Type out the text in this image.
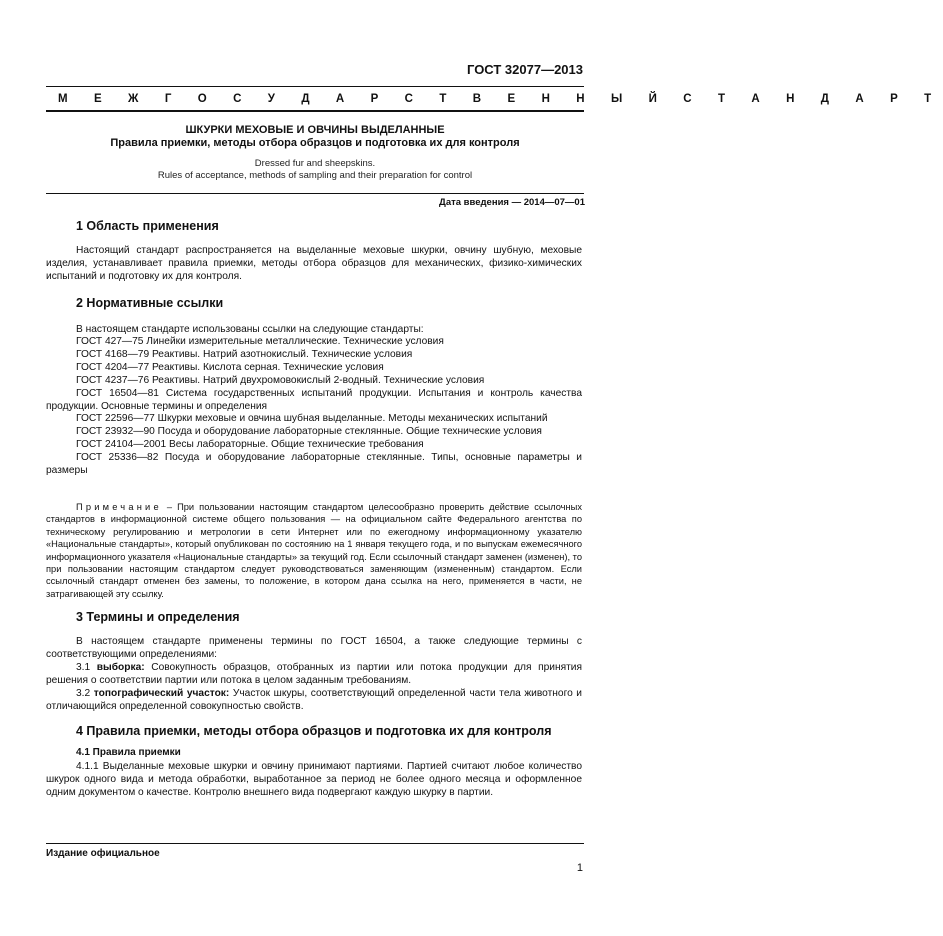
ГОСТ 32077—2013
М Е Ж Г О С У Д А Р С Т В Е Н Н Ы Й С Т А Н Д А Р Т
ШКУРКИ МЕХОВЫЕ И ОВЧИНЫ ВЫДЕЛАННЫЕ
Правила приемки, методы отбора образцов и подготовка их для контроля
Dressed fur and sheepskins.
Rules of acceptance, methods of sampling and their preparation for control
Дата введения — 2014—07—01
1 Область применения
Настоящий стандарт распространяется на выделанные меховые шкурки, овчину шубную, меховые изделия, устанавливает правила приемки, методы отбора образцов для механических, физико-химических испытаний и подготовку их для контроля.
2 Нормативные ссылки
В настоящем стандарте использованы ссылки на следующие стандарты:
ГОСТ 427—75 Линейки измерительные металлические. Технические условия
ГОСТ 4168—79 Реактивы. Натрий азотнокислый. Технические условия
ГОСТ 4204—77 Реактивы. Кислота серная. Технические условия
ГОСТ 4237—76 Реактивы. Натрий двухромовокислый 2-водный. Технические условия
ГОСТ 16504—81 Система государственных испытаний продукции. Испытания и контроль качества продукции. Основные термины и определения
ГОСТ 22596—77 Шкурки меховые и овчина шубная выделанные. Методы механических испытаний
ГОСТ 23932—90 Посуда и оборудование лабораторные стеклянные. Общие технические условия
ГОСТ 24104—2001 Весы лабораторные. Общие технические требования
ГОСТ 25336—82 Посуда и оборудование лабораторные стеклянные. Типы, основные параметры и размеры
Примечание – При пользовании настоящим стандартом целесообразно проверить действие ссылочных стандартов в информационной системе общего пользования — на официальном сайте Федерального агентства по техническому регулированию и метрологии в сети Интернет или по ежегодному информационному указателю «Национальные стандарты», который опубликован по состоянию на 1 января текущего года, и по выпускам ежемесячного информационного указателя «Национальные стандарты» за текущий год. Если ссылочный стандарт заменен (изменен), то при пользовании настоящим стандартом следует руководствоваться заменяющим (измененным) стандартом. Если ссылочный стандарт отменен без замены, то положение, в котором дана ссылка на него, применяется в части, не затрагивающей эту ссылку.
3 Термины и определения
В настоящем стандарте применены термины по ГОСТ 16504, а также следующие термины с соответствующими определениями:
3.1 выборка: Совокупность образцов, отобранных из партии или потока продукции для принятия решения о соответствии партии или потока в целом заданным требованиям.
3.2 топографический участок: Участок шкуры, соответствующий определенной части тела животного и отличающийся определенной совокупностью свойств.
4 Правила приемки, методы отбора образцов и подготовка их для контроля
4.1 Правила приемки
4.1.1 Выделанные меховые шкурки и овчину принимают партиями. Партией считают любое количество шкурок одного вида и метода обработки, выработанное за период не более одного месяца и оформленное одним документом о качестве. Контролю внешнего вида подвергают каждую шкурку в партии.
Издание официальное
1
